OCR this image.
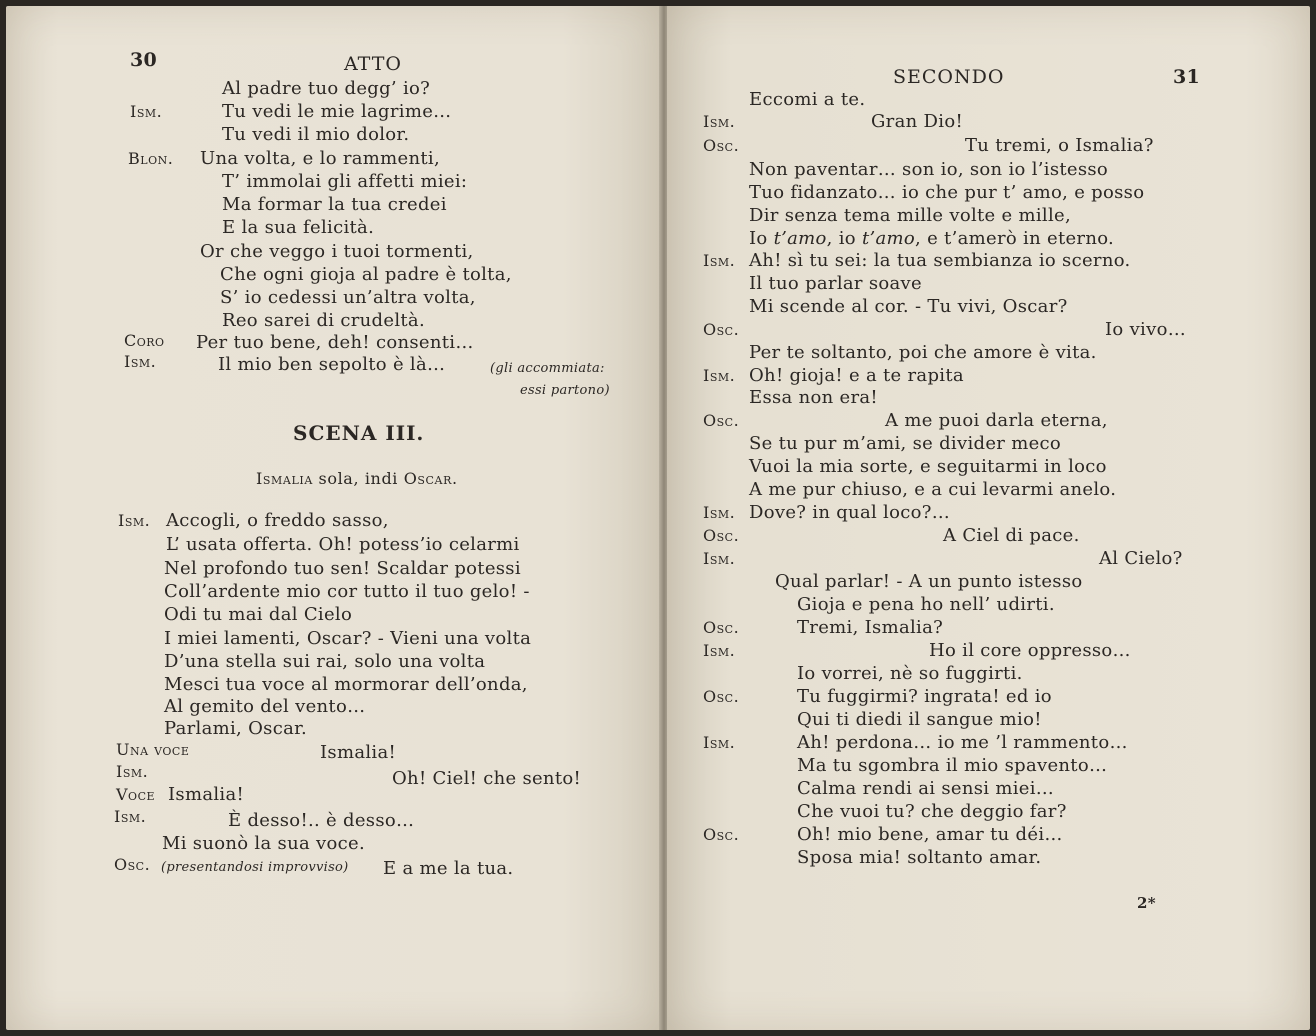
30	ATTO
Al padre tuo degg’ io?
Ism.	Tu vedi le mie lagrime…
Tu vedi il mio dolor.
Blon. Una volta, e lo rammenti,
T’ immolai gli affetti miei:
Ma formar la tua credei
E la sua felicità.
Or che veggo i tuoi tormenti,
Che ogni gioja al padre è tolta,
S’ io cedessi un’altra volta,
Reo sarei di crudeltà.
Coro Per tuo bene, deh! consenti…
Ism.	Il mio ben sepolto è là…	(gli accommiata:
essi partono)
SCENA III.
Ismalia sola, indi Oscar.
Ism. Accogli, o freddo sasso,
L’ usata offerta. Oh! potess’io celarmi
Nel profondo tuo sen! Scaldar potessi
Coll’ardente mio cor tutto il tuo gelo! -
Odi tu mai dal Cielo
I miei lamenti, Oscar? - Vieni una volta
D’una stella sui rai, solo una volta
Mesci tua voce al mormorar dell’onda,
Al gemito del vento…
Parlami, Oscar.
Una voce	Ismalia!
Ism.	Oh! Ciel! che sento!
Voce Ismalia!
Ism.	È desso!.. è desso…
Mi suonò la sua voce.
Osc. (presentandosi improvviso) E a me la tua.
SECONDO	31
Eccomi a te.
Ism.	Gran Dio!
Osc.	Tu tremi, o Ismalia?
Non paventar… son io, son io l’istesso
Tuo fidanzato… io che pur t’ amo, e posso
Dir senza tema mille volte e mille,
Io t’amo, io t’amo, e t’amerò in eterno.
Ism. Ah! sì tu sei: la tua sembianza io scerno.
Il tuo parlar soave
Mi scende al cor. - Tu vivi, Oscar?
Osc.	Io vivo…
Per te soltanto, poi che amore è vita.
Ism. Oh! gioja! e a te rapita
Essa non era!
Osc.	A me puoi darla eterna,
Se tu pur m’ami, se divider meco
Vuoi la mia sorte, e seguitarmi in loco
A me pur chiuso, e a cui levarmi anelo.
Ism. Dove? in qual loco?…
Osc.	A Ciel di pace.
Ism.	Al Cielo?
Qual parlar! - A un punto istesso
Gioja e pena ho nell’ udirti.
Osc.	Tremi, Ismalia?
Ism.	Ho il core oppresso…
Io vorrei, nè so fuggirti.
Osc.	Tu fuggirmi? ingrata! ed io
Qui ti diedi il sangue mio!
Ism.	Ah! perdona… io me ’l rammento…
Ma tu sgombra il mio spavento…
Calma rendi ai sensi miei…
Che vuoi tu? che deggio far?
Osc.	Oh! mio bene, amar tu déi…
Sposa mia! soltanto amar.
2*
